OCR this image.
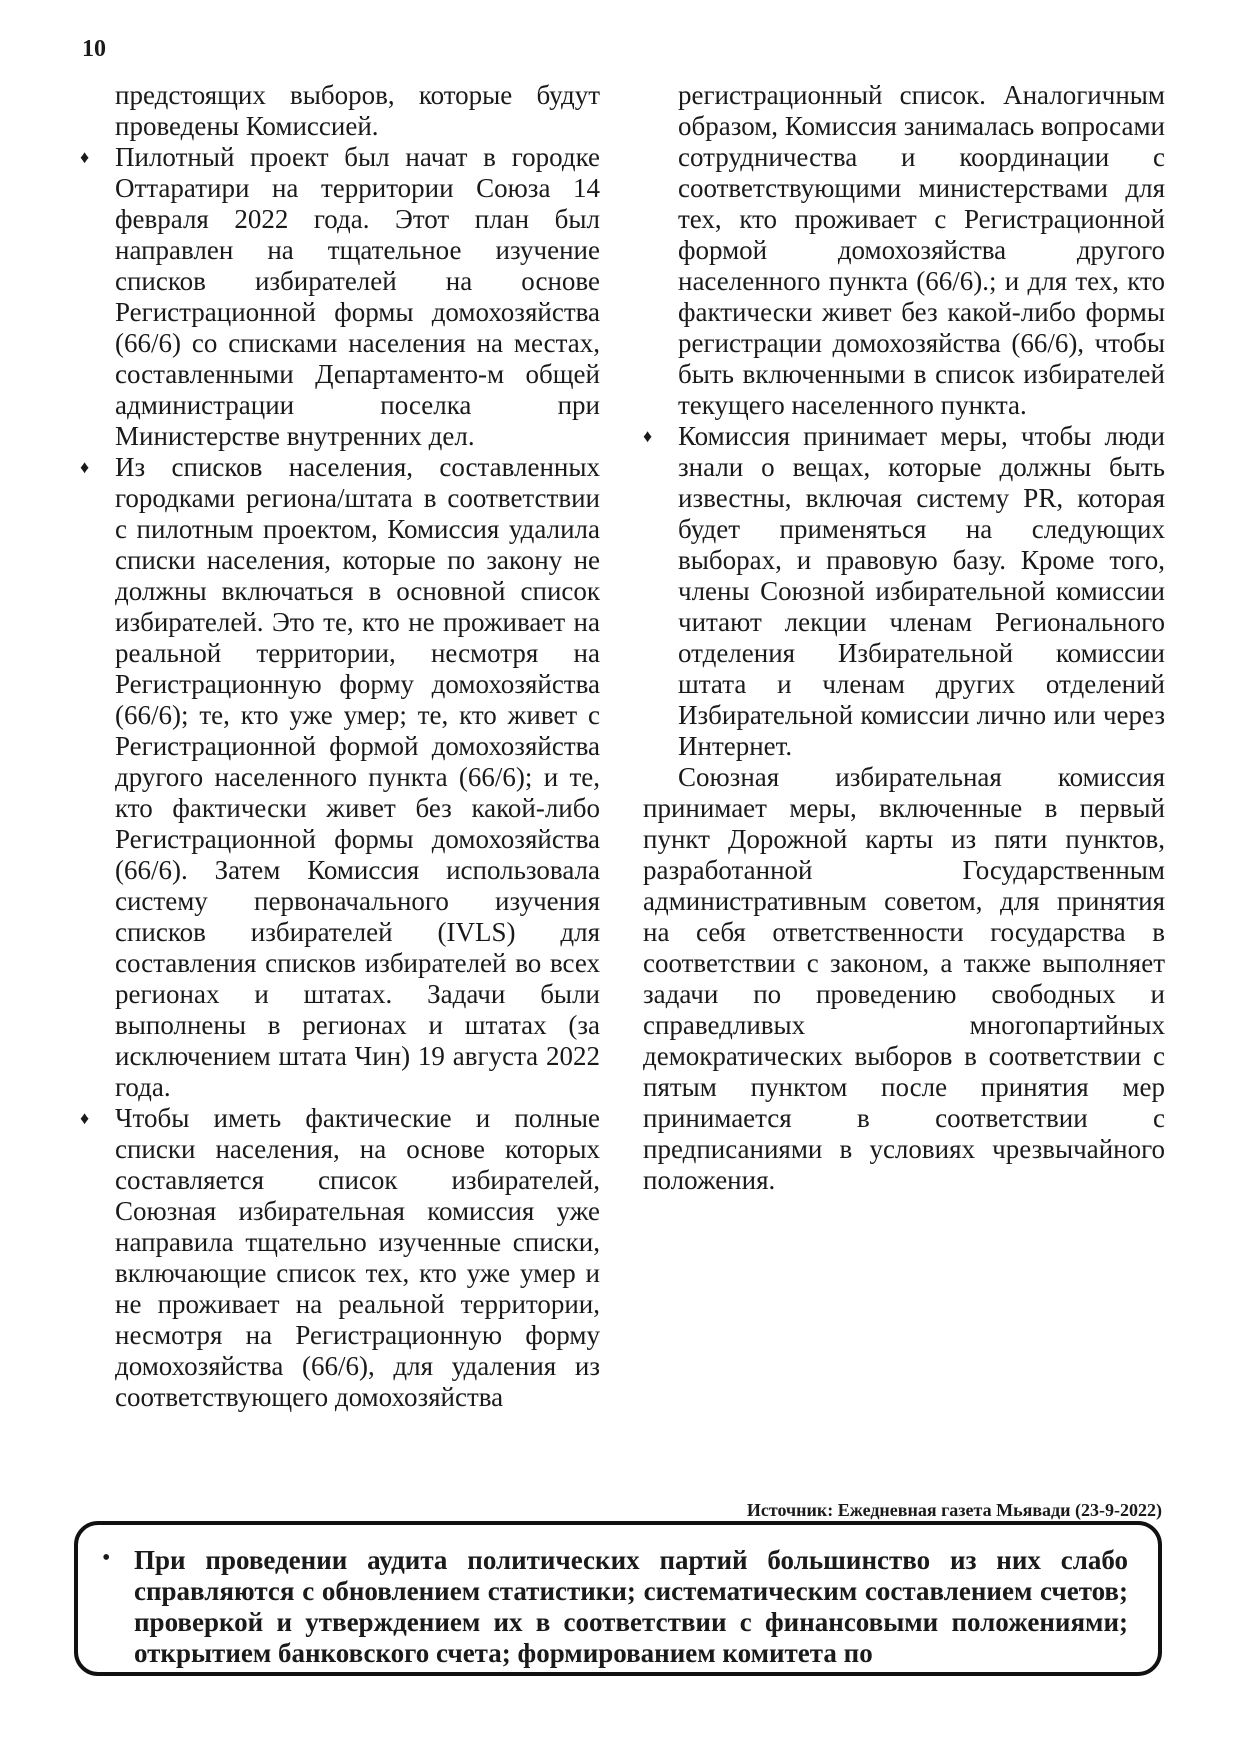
10

предстоящих выборов, которые будут проведены Комиссией.

♦ Пилотный проект был начат в городке Оттаратири на территории Союза 14 февраля 2022 года. Этот план был направлен на тщательное изучение списков избирателей на основе Регистрационной формы домохозяйства (66/6) со списками населения на местах, составленными Департаменто-м общей администрации поселка при Министерстве внутренних дел.

♦ Из списков населения, составленных городками региона/штата в соответствии с пилотным проектом, Комиссия удалила списки населения, которые по закону не должны включаться в основной список избирателей. Это те, кто не проживает на реальной территории, несмотря на Регистрационную форму домохозяйства (66/6); те, кто уже умер; те, кто живет с Регистрационной формой домохозяйства другого населенного пункта (66/6); и те, кто фактически живет без какой-либо Регистрационной формы домохозяйства (66/6). Затем Комиссия использовала систему первоначального изучения списков избирателей (IVLS) для составления списков избирателей во всех регионах и штатах. Задачи были выполнены в регионах и штатах (за исключением штата Чин) 19 августа 2022 года.

♦ Чтобы иметь фактические и полные списки населения, на основе которых составляется список избирателей, Союзная избирательная комиссия уже направила тщательно изученные списки, включающие список тех, кто уже умер и не проживает на реальной территории, несмотря на Регистрационную форму домохозяйства (66/6), для удаления из соответствующего домохозяйства

регистрационный список. Аналогичным образом, Комиссия занималась вопросами сотрудничества и координации с соответствующими министерствами для тех, кто проживает с Регистрационной формой домохозяйства другого населенного пункта (66/6).; и для тех, кто фактически живет без какой-либо формы регистрации домохозяйства (66/6), чтобы быть включенными в список избирателей текущего населенного пункта.

♦ Комиссия принимает меры, чтобы люди знали о вещах, которые должны быть известны, включая систему PR, которая будет применяться на следующих выборах, и правовую базу. Кроме того, члены Союзной избирательной комиссии читают лекции членам Регионального отделения Избирательной комиссии штата и членам других отделений Избирательной комиссии лично или через Интернет.

Союзная избирательная комиссия принимает меры, включенные в первый пункт Дорожной карты из пяти пунктов, разработанной Государственным административным советом, для принятия на себя ответственности государства в соответствии с законом, а также выполняет задачи по проведению свободных и справедливых многопартийных демократических выборов в соответствии с пятым пунктом после принятия мер принимается в соответствии с предписаниями в условиях чрезвычайного положения.

Источник: Ежедневная газета Мьявади (23-9-2022)
• При проведении аудита политических партий большинство из них слабо справляются с обновлением статистики; систематическим составлением счетов; проверкой и утверждением их в соответствии с финансовыми положениями; открытием банковского счета; формированием комитета по
